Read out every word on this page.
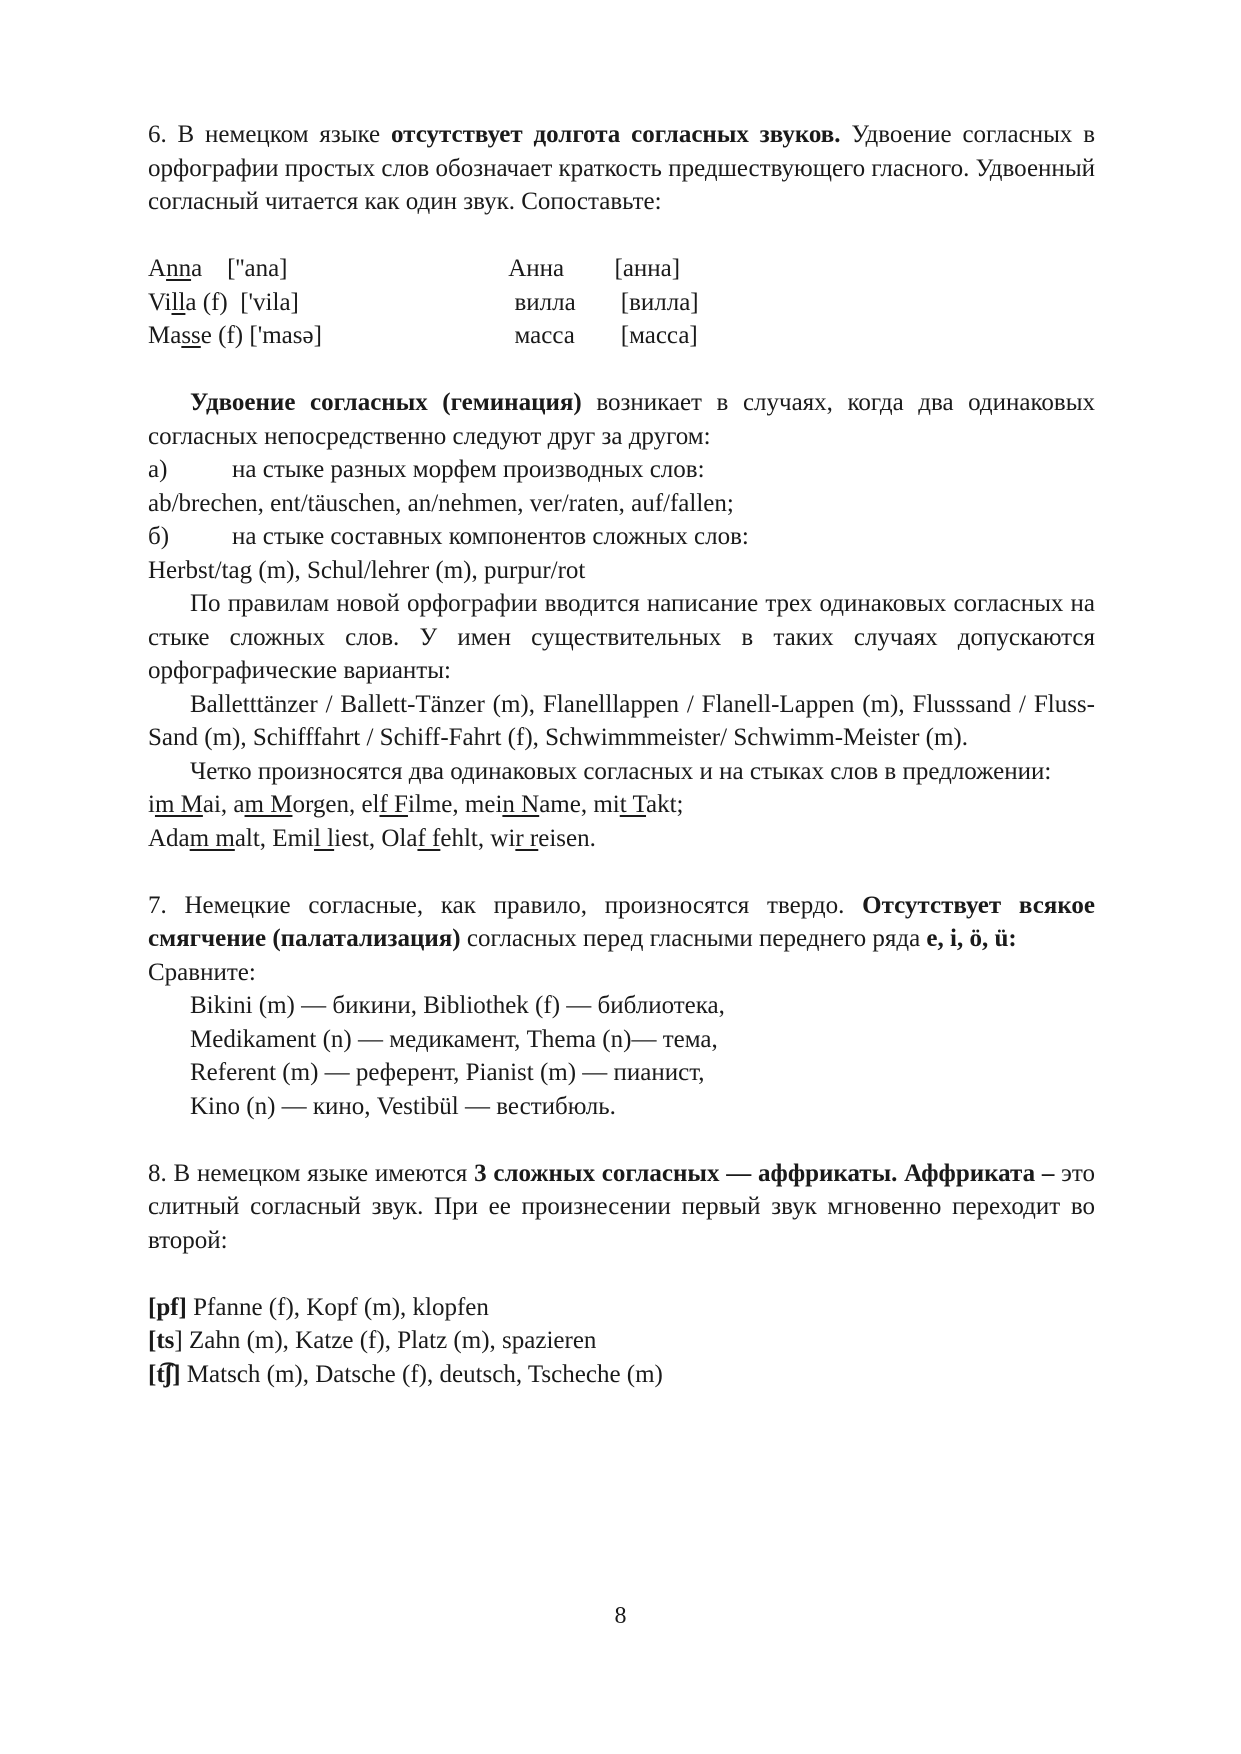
6. В немецком языке отсутствует долгота согласных звуков. Удвоение согласных в орфографии простых слов обозначает краткость предшествующего гласного. Удвоенный согласный читается как один звук. Сопоставьте:

Anna    [''ana]	Анна	[анна]
Villa (f)  ['vila]	вилла	[вилла]
Masse (f) ['masə]	масса	[масса]

Удвоение согласных (геминация) возникает в случаях, когда два одинаковых согласных непосредственно следуют друг за другом:

а)	на стыке разных морфем производных слов:

ab/brechen, ent/täuschen, an/nehmen, ver/raten, auf/fallen;

б)	на стыке составных компонентов сложных слов:

Herbst/tag (m), Schul/lehrer (m), purpur/rot

По правилам новой орфографии вводится написание трех одинаковых согласных на стыке сложных слов. У имен существительных в таких случаях допускаются орфографические варианты:

Balletttänzer / Ballett-Tänzer (m), Flanelllappen / Flanell-Lappen (m), Flusssand / Fluss-Sand (m), Schifffahrt / Schiff-Fahrt (f), Schwimmmeister/ Schwimm-Meister (m).

Четко произносятся два одинаковых согласных и на стыках слов в предложении:

im Mai, am Morgen, elf Filme, mein Name, mit Takt;

Adam malt, Emil liest, Olaf fehlt, wir reisen.

7. Немецкие согласные, как правило, произносятся твердо. Отсутствует всякое смягчение (палатализация) согласных перед гласными переднего ряда e, i, ö, ü:

Сравните:

Bikini (m) — бикини, Bibliothek (f) — библиотека,

Medikament (n) — медикамент, Thema (n)— тема,

Referent (m) — референт, Pianist (m) — пианист,

Kino (n) — кино, Vestibül — вестибюль.

8. В немецком языке имеются 3 сложных согласных — аффрикаты. Аффриката – это слитный согласный звук. При ее произнесении первый звук мгновенно переходит во второй:

[pf] Pfanne (f), Kopf (m), klopfen

[ts] Zahn (m), Katze (f), Platz (m), spazieren

[t͡ʃ] Matsch (m), Datsche (f), deutsch, Tscheche (m)

8
